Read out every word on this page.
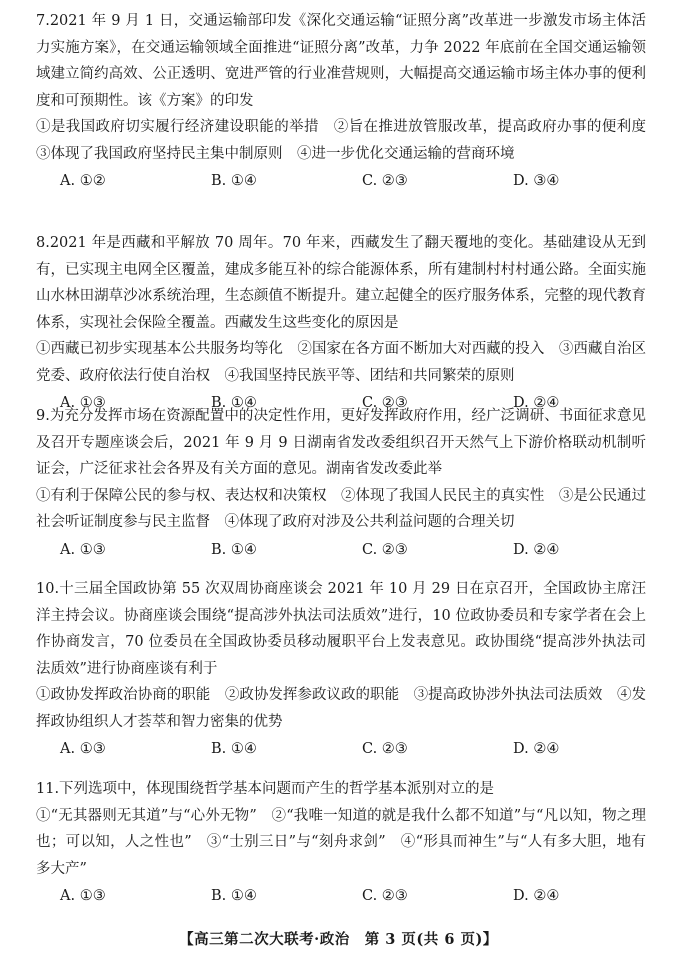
7.2021 年 9 月 1 日，交通运输部印发《深化交通运输“证照分离”改革进一步激发市场主体活力实施方案》，在交通运输领域全面推进“证照分离”改革，力争 2022 年底前在全国交通运输领域建立简约高效、公正透明、宽进严管的行业准营规则，大幅提高交通运输市场主体办事的便利度和可预期性。该《方案》的印发

①是我国政府切实履行经济建设职能的举措　②旨在推进放管服改革，提高政府办事的便利度　③体现了我国政府坚持民主集中制原则　④进一步优化交通运输的营商环境

A. ①②	B. ①④	C. ②③	D. ③④

8.2021 年是西藏和平解放 70 周年。70 年来，西藏发生了翻天覆地的变化。基础建设从无到有，已实现主电网全区覆盖，建成多能互补的综合能源体系，所有建制村村村通公路。全面实施山水林田湖草沙冰系统治理，生态颜值不断提升。建立起健全的医疗服务体系，完整的现代教育体系，实现社会保险全覆盖。西藏发生这些变化的原因是

①西藏已初步实现基本公共服务均等化　②国家在各方面不断加大对西藏的投入　③西藏自治区党委、政府依法行使自治权　④我国坚持民族平等、团结和共同繁荣的原则

A. ①③	B. ①④	C. ②③	D. ②④

9.为充分发挥市场在资源配置中的决定性作用，更好发挥政府作用，经广泛调研、书面征求意见及召开专题座谈会后，2021 年 9 月 9 日湖南省发改委组织召开天然气上下游价格联动机制听证会，广泛征求社会各界及有关方面的意见。湖南省发改委此举

①有利于保障公民的参与权、表达权和决策权　②体现了我国人民民主的真实性　③是公民通过社会听证制度参与民主监督　④体现了政府对涉及公共利益问题的合理关切

A. ①③	B. ①④	C. ②③	D. ②④

10.十三届全国政协第 55 次双周协商座谈会 2021 年 10 月 29 日在京召开，全国政协主席汪洋主持会议。协商座谈会围绕“提高涉外执法司法质效”进行，10 位政协委员和专家学者在会上作协商发言，70 位委员在全国政协委员移动履职平台上发表意见。政协围绕“提高涉外执法司法质效”进行协商座谈有利于

①政协发挥政治协商的职能　②政协发挥参政议政的职能　③提高政协涉外执法司法质效　④发挥政协组织人才荟萃和智力密集的优势

A. ①③	B. ①④	C. ②③	D. ②④

11.下列选项中，体现围绕哲学基本问题而产生的哲学基本派别对立的是

①“无其器则无其道”与“心外无物”　②“我唯一知道的就是我什么都不知道”与“凡以知，物之理也；可以知，人之性也”　③“士别三日”与“刻舟求剑”　④“形具而神生”与“人有多大胆，地有多大产”

A. ①③	B. ①④	C. ②③	D. ②④
【高三第二次大联考·政治　第 3 页(共 6 页)】
